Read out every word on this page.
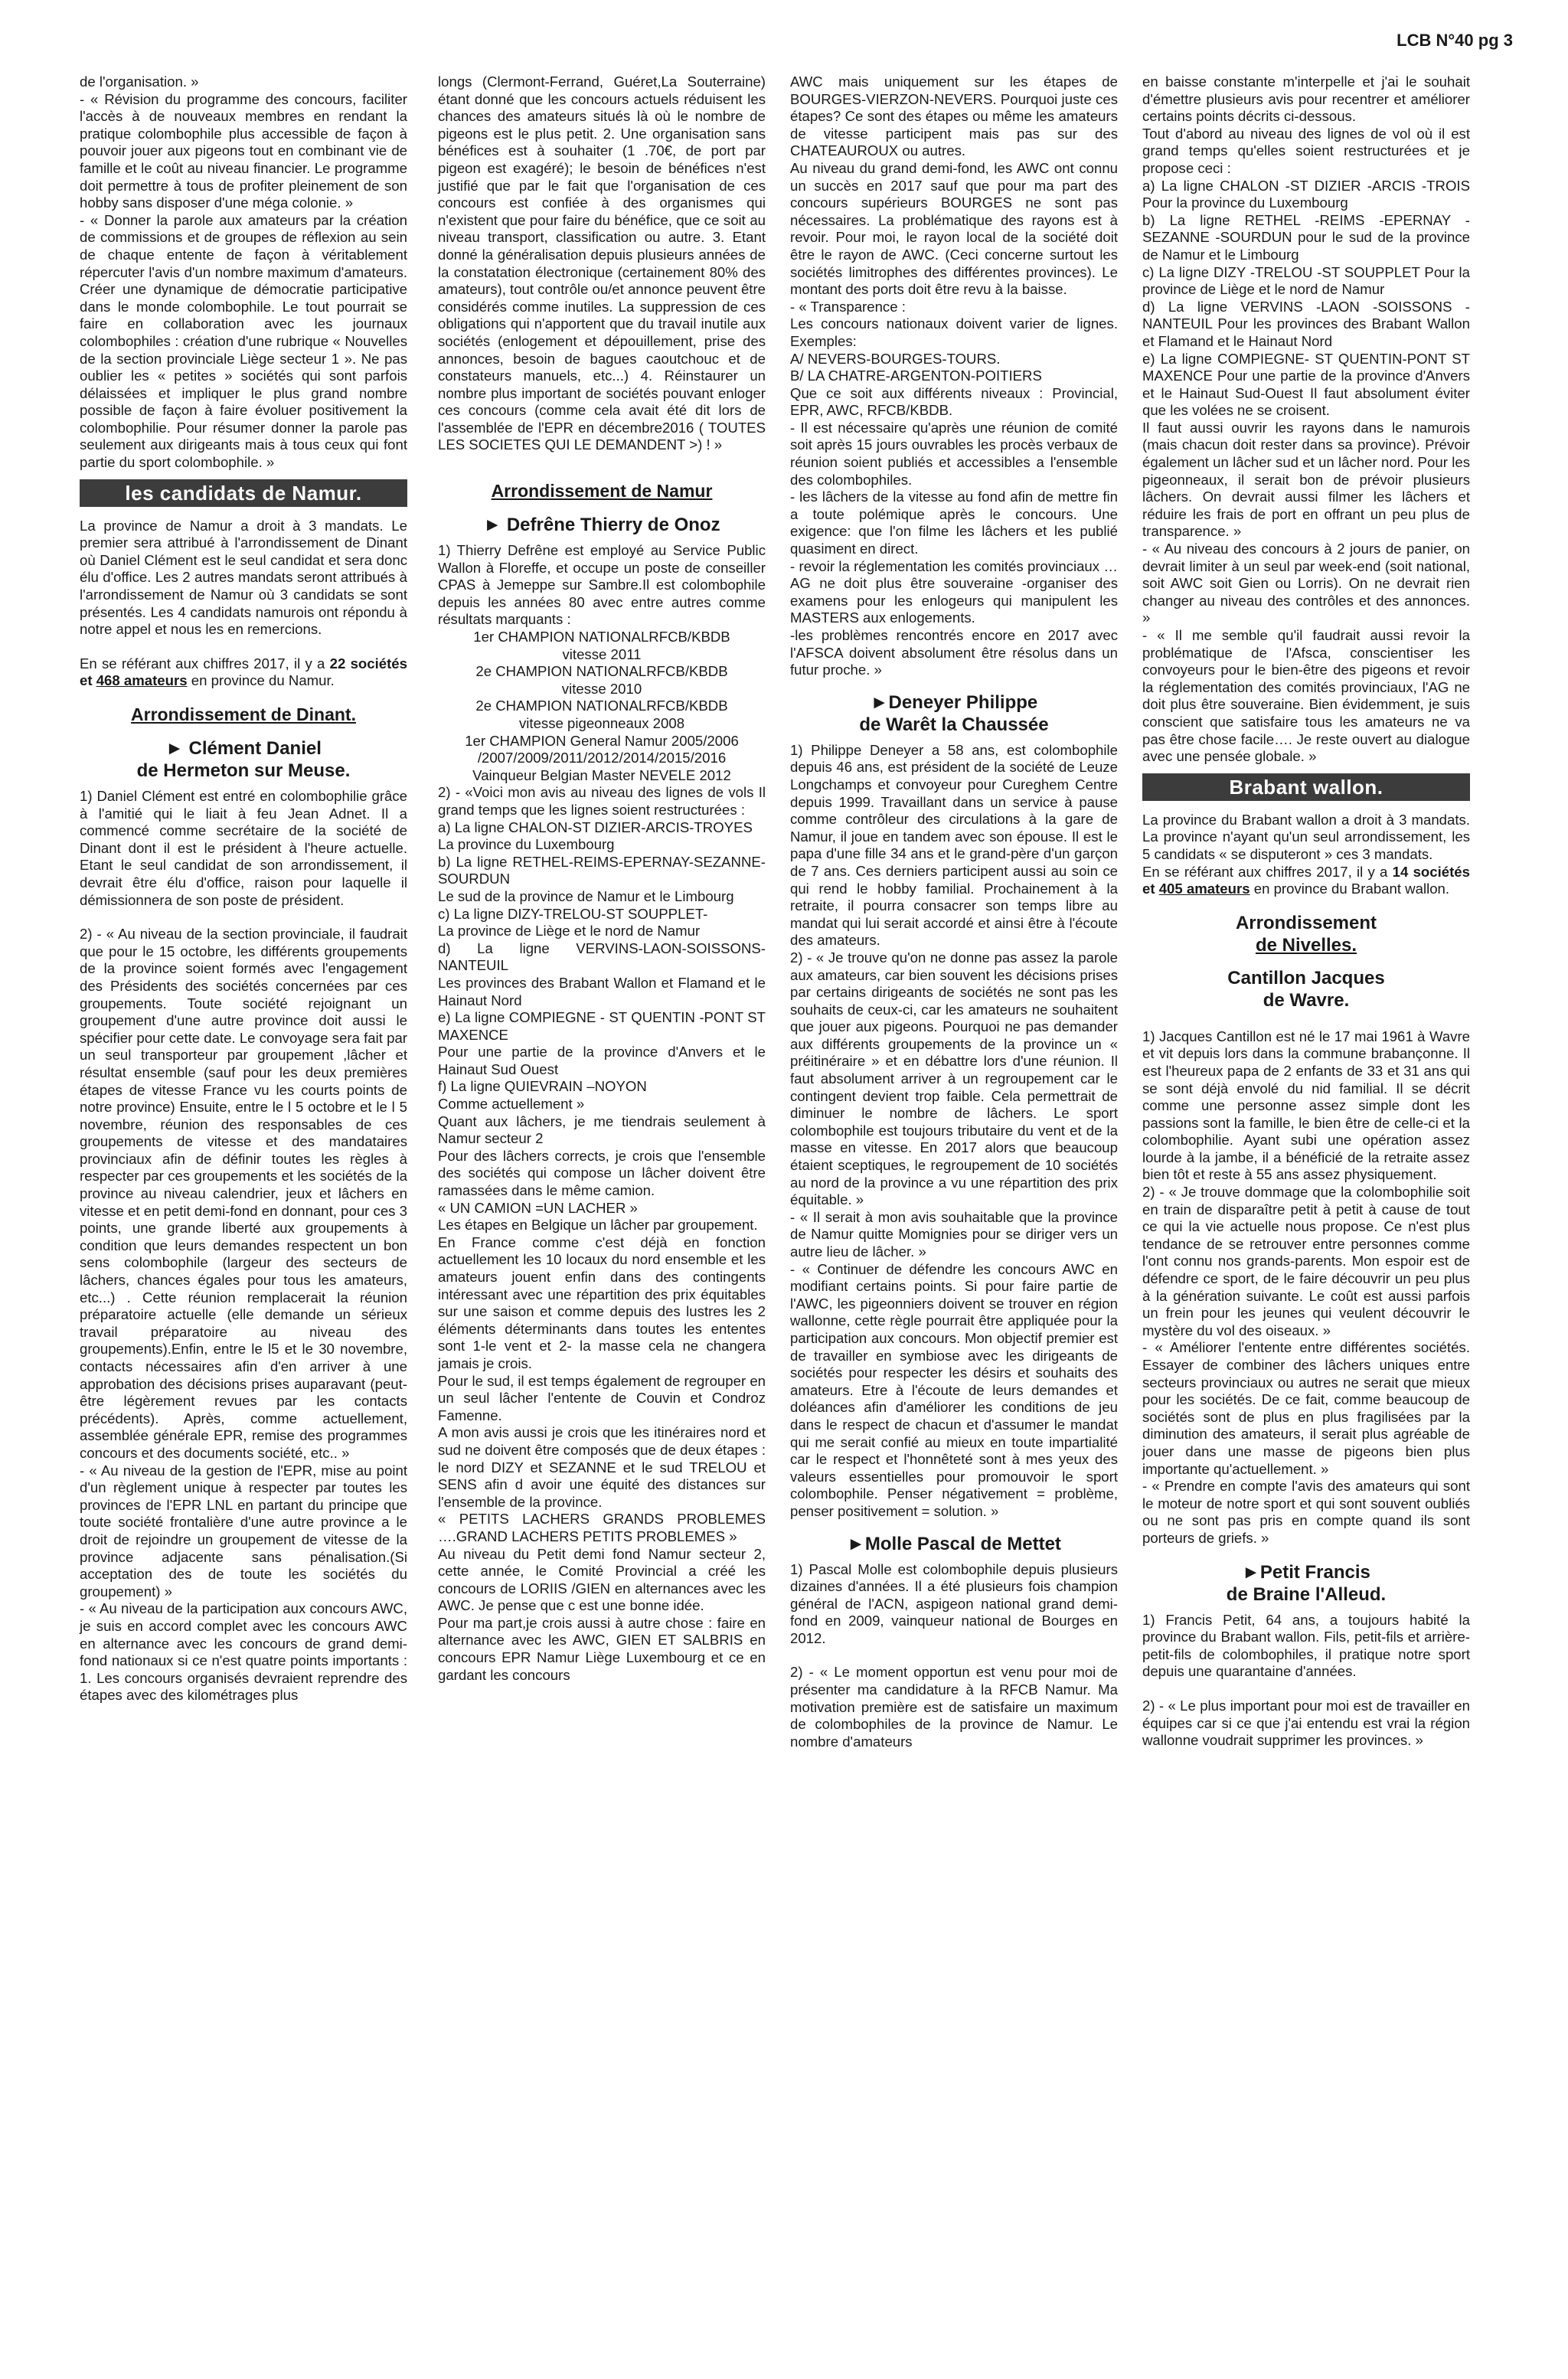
LCB N°40 pg 3

de l'organisation. »

- « Révision du programme des concours, faciliter l'accès à de nouveaux membres en rendant la pratique colombophile plus accessible de façon à pouvoir jouer aux pigeons tout en combinant vie de famille et le coût au niveau financier. Le programme doit permettre à tous de profiter pleinement de son hobby sans disposer d'une méga colonie. »

- « Donner la parole aux amateurs par la création de commissions et de groupes de réflexion au sein de chaque entente de façon à véritablement répercuter l'avis d'un nombre maximum d'amateurs. Créer une dynamique de démocratie participative dans le monde colombophile. Le tout pourrait se faire en collaboration avec les journaux colombophiles : création d'une rubrique « Nouvelles de la section provinciale Liège secteur 1 ». Ne pas oublier les « petites » sociétés qui sont parfois délaissées et impliquer le plus grand nombre possible de façon à faire évoluer positivement la colombophilie. Pour résumer donner la parole pas seulement aux dirigeants mais à tous ceux qui font partie du sport colombophile. »

les candidats de Namur.

La province de Namur a droit à 3 mandats. Le premier sera attribué à l'arrondissement de Dinant où Daniel Clément est le seul candidat et sera donc élu d'office. Les 2 autres mandats seront attribués à l'arrondissement de Namur où 3 candidats se sont présentés. Les 4 candidats namurois ont répondu à notre appel et nous les en remercions.

En se référant aux chiffres 2017, il y a 22 sociétés et 468 amateurs en province du Namur.

Arrondissement de Dinant.
► Clément Daniel
de Hermeton sur Meuse.

1) Daniel Clément est entré en colombophilie grâce à l'amitié qui le liait à feu Jean Adnet. Il a commencé comme secrétaire de la société de Dinant dont il est le président à l'heure actuelle. Etant le seul candidat de son arrondissement, il devrait être élu d'office, raison pour laquelle il démissionnera de son poste de président.

2) - « Au niveau de la section provinciale, il faudrait que pour le 15 octobre, les différents groupements de la province soient formés avec l'engagement des Présidents des sociétés concernées par ces groupements. Toute société rejoignant un groupement d'une autre province doit aussi le spécifier pour cette date. Le convoyage sera fait par un seul transporteur par groupement ,lâcher et résultat ensemble (sauf pour les deux premières étapes de vitesse France vu les courts points de notre province) Ensuite, entre le l 5 octobre et le l 5 novembre, réunion des responsables de ces groupements de vitesse et des mandataires provinciaux afin de définir toutes les règles à respecter par ces groupements et les sociétés de la province au niveau calendrier, jeux et lâchers en vitesse et en petit demi-fond en donnant, pour ces 3 points, une grande liberté aux groupements à condition que leurs demandes respectent un bon sens colombophile (largeur des secteurs de lâchers, chances égales pour tous les amateurs, etc...) . Cette réunion remplacerait la réunion préparatoire actuelle (elle demande un sérieux travail préparatoire au niveau des groupements).Enfin, entre le l5 et le 30 novembre, contacts nécessaires afin d'en arriver à une approbation des décisions prises auparavant (peut-être légèrement revues par les contacts précédents). Après, comme actuellement, assemblée générale EPR, remise des programmes concours et des documents société, etc.. »

- « Au niveau de la gestion de l'EPR, mise au point d'un règlement unique à respecter par toutes les provinces de l'EPR LNL en partant du principe que toute société frontalière d'une autre province a le droit de rejoindre un groupement de vitesse de la province adjacente sans pénalisation.(Si acceptation des de toute les sociétés du groupement) »

- « Au niveau de la participation aux concours AWC, je suis en accord complet avec les concours AWC en alternance avec les concours de grand demi-fond nationaux si ce n'est quatre points importants : 1. Les concours organisés devraient reprendre des étapes avec des kilométrages plus

longs (Clermont-Ferrand, Guéret,La Souterraine) étant donné que les concours actuels réduisent les chances des amateurs situés là où le nombre de pigeons est le plus petit. 2. Une organisation sans bénéfices est à souhaiter (1 .70€, de port par pigeon est exagéré); le besoin de bénéfices n'est justifié que par le fait que l'organisation de ces concours est confiée à des organismes qui n'existent que pour faire du bénéfice, que ce soit au niveau transport, classification ou autre. 3. Etant donné la généralisation depuis plusieurs années de la constatation électronique (certainement 80% des amateurs), tout contrôle ou/et annonce peuvent être considérés comme inutiles. La suppression de ces obligations qui n'apportent que du travail inutile aux sociétés (enlogement et dépouillement, prise des annonces, besoin de bagues caoutchouc et de constateurs manuels, etc...) 4. Réinstaurer un nombre plus important de sociétés pouvant enloger ces concours (comme cela avait été dit lors de l'assemblée de l'EPR en décembre2016 ( TOUTES LES SOCIETES QUI LE DEMANDENT >) ! »

Arrondissement de Namur
► Defrêne Thierry de Onoz

1) Thierry Defrêne est employé au Service Public Wallon à Floreffe, et occupe un poste de conseiller CPAS à Jemeppe sur Sambre.Il est colombophile depuis les années 80 avec entre autres comme résultats marquants :

1er CHAMPION NATIONALRFCB/KBDB
vitesse 2011
2e CHAMPION NATIONALRFCB/KBDB
vitesse 2010
2e CHAMPION NATIONALRFCB/KBDB
vitesse pigeonneaux 2008
1er CHAMPION General Namur 2005/2006
/2007/2009/2011/2012/2014/2015/2016
Vainqueur Belgian Master NEVELE 2012

2) - «Voici mon avis au niveau des lignes de vols Il grand temps que les lignes soient restructurées :

a) La ligne CHALON-ST DIZIER-ARCIS-TROYES

La province du Luxembourg

b) La ligne RETHEL-REIMS-EPERNAY-SEZANNE-SOURDUN

Le sud de la province de Namur et le Limbourg

c) La ligne DIZY-TRELOU-ST SOUPPLET-

La province de Liège et le nord de Namur

d) La ligne VERVINS-LAON-SOISSONS-NANTEUIL

Les provinces des Brabant Wallon et Flamand et le Hainaut Nord

e) La ligne COMPIEGNE - ST QUENTIN -PONT ST MAXENCE

Pour une partie de la province d'Anvers et le Hainaut Sud Ouest

f) La ligne QUIEVRAIN –NOYON

Comme actuellement »

Quant aux lâchers, je me tiendrais seulement à Namur secteur 2

Pour des lâchers corrects, je crois que l'ensemble des sociétés qui compose un lâcher doivent être ramassées dans le même camion.

« UN CAMION =UN LACHER »

Les étapes en Belgique un lâcher par groupement.

En France comme c'est déjà en fonction actuellement les 10 locaux du nord ensemble et les amateurs jouent enfin dans des contingents intéressant avec une répartition des prix équitables sur une saison et comme depuis des lustres les 2 éléments déterminants dans toutes les ententes sont 1-le vent et 2- la masse cela ne changera jamais je crois.

Pour le sud, il est temps également de regrouper en un seul lâcher l'entente de Couvin et Condroz Famenne.

A mon avis aussi je crois que les itinéraires nord et sud ne doivent être composés que de deux étapes : le nord DIZY et SEZANNE et le sud TRELOU et SENS afin d avoir une équité des distances sur l'ensemble de la province.

« PETITS LACHERS GRANDS PROBLEMES ….GRAND LACHERS PETITS PROBLEMES »

Au niveau du Petit demi fond Namur secteur 2, cette année, le Comité Provincial a créé les concours de LORIIS /GIEN en alternances avec les AWC. Je pense que c est une bonne idée.

Pour ma part,je crois aussi à autre chose : faire en alternance avec les AWC, GIEN ET SALBRIS en concours EPR Namur Liège Luxembourg et ce en gardant les concours

AWC mais uniquement sur les étapes de BOURGES-VIERZON-NEVERS. Pourquoi juste ces étapes? Ce sont des étapes ou même les amateurs de vitesse participent mais pas sur des CHATEAUROUX ou autres.

Au niveau du grand demi-fond, les AWC ont connu un succès en 2017 sauf que pour ma part des concours supérieurs BOURGES ne sont pas nécessaires. La problématique des rayons est à revoir. Pour moi, le rayon local de la société doit être le rayon de AWC. (Ceci concerne surtout les sociétés limitrophes des différentes provinces). Le montant des ports doit être revu à la baisse.

- « Transparence :

Les concours nationaux doivent varier de lignes. Exemples:

A/ NEVERS-BOURGES-TOURS.

B/ LA CHATRE-ARGENTON-POITIERS

Que ce soit aux différents niveaux : Provincial, EPR, AWC, RFCB/KBDB.

- Il est nécessaire qu'après une réunion de comité soit après 15 jours ouvrables les procès verbaux de réunion soient publiés et accessibles a l'ensemble des colombophiles.

- les lâchers de la vitesse au fond afin de mettre fin a toute polémique après le concours. Une exigence: que l'on filme les lâchers et les publié quasiment en direct.

- revoir la réglementation les comités provinciaux …AG ne doit plus être souveraine -organiser des examens pour les enlogeurs qui manipulent les MASTERS aux enlogements.

-les problèmes rencontrés encore en 2017 avec l'AFSCA doivent absolument être résolus dans un futur proche. »

►Deneyer Philippe
de Warêt la Chaussée

1) Philippe Deneyer a 58 ans, est colombophile depuis 46 ans, est président de la société de Leuze Longchamps et convoyeur pour Cureghem Centre depuis 1999. Travaillant dans un service à pause comme contrôleur des circulations à la gare de Namur, il joue en tandem avec son épouse. Il est le papa d'une fille 34 ans et le grand-père d'un garçon de 7 ans. Ces derniers participent aussi au soin ce qui rend le hobby familial. Prochainement à la retraite, il pourra consacrer son temps libre au mandat qui lui serait accordé et ainsi être à l'écoute des amateurs.

2) - « Je trouve qu'on ne donne pas assez la parole aux amateurs, car bien souvent les décisions prises par certains dirigeants de sociétés ne sont pas les souhaits de ceux-ci, car les amateurs ne souhaitent que jouer aux pigeons. Pourquoi ne pas demander aux différents groupements de la province un « préitinéraire » et en débattre lors d'une réunion. Il faut absolument arriver à un regroupement car le contingent devient trop faible. Cela permettrait de diminuer le nombre de lâchers. Le sport colombophile est toujours tributaire du vent et de la masse en vitesse. En 2017 alors que beaucoup étaient sceptiques, le regroupement de 10 sociétés au nord de la province a vu une répartition des prix équitable. »

- « Il serait à mon avis souhaitable que la province de Namur quitte Momignies pour se diriger vers un autre lieu de lâcher. »

- « Continuer de défendre les concours AWC en modifiant certains points. Si pour faire partie de l'AWC, les pigeonniers doivent se trouver en région wallonne, cette règle pourrait être appliquée pour la participation aux concours. Mon objectif premier est de travailler en symbiose avec les dirigeants de sociétés pour respecter les désirs et souhaits des amateurs. Etre à l'écoute de leurs demandes et doléances afin d'améliorer les conditions de jeu dans le respect de chacun et d'assumer le mandat qui me serait confié au mieux en toute impartialité car le respect et l'honnêteté sont à mes yeux des valeurs essentielles pour promouvoir le sport colombophile. Penser négativement = problème, penser positivement = solution. »

►Molle Pascal de Mettet

1) Pascal Molle est colombophile depuis plusieurs dizaines d'années. Il a été plusieurs fois champion général de l'ACN, aspigeon national grand demi-fond en 2009, vainqueur national de Bourges en 2012.

2) - « Le moment opportun est venu pour moi de présenter ma candidature à la RFCB Namur. Ma motivation première est de satisfaire un maximum de colombophiles de la province de Namur. Le nombre d'amateurs

en baisse constante m'interpelle et j'ai le souhait d'émettre plusieurs avis pour recentrer et améliorer certains points décrits ci-dessous.

Tout d'abord au niveau des lignes de vol où il est grand temps qu'elles soient restructurées et je propose ceci :

a) La ligne CHALON -ST DIZIER -ARCIS -TROIS Pour la province du Luxembourg

b) La ligne RETHEL -REIMS -EPERNAY -SEZANNE -SOURDUN pour le sud de la province de Namur et le Limbourg

c) La ligne DIZY -TRELOU -ST SOUPPLET Pour la province de Liège et le nord de Namur

d) La ligne VERVINS -LAON -SOISSONS -NANTEUIL Pour les provinces des Brabant Wallon et Flamand et le Hainaut Nord

e) La ligne COMPIEGNE- ST QUENTIN-PONT ST MAXENCE Pour une partie de la province d'Anvers et le Hainaut Sud-Ouest Il faut absolument éviter que les volées ne se croisent.

Il faut aussi ouvrir les rayons dans le namurois (mais chacun doit rester dans sa province). Prévoir également un lâcher sud et un lâcher nord. Pour les pigeonneaux, il serait bon de prévoir plusieurs lâchers. On devrait aussi filmer les lâchers et réduire les frais de port en offrant un peu plus de transparence. »

- « Au niveau des concours à 2 jours de panier, on devrait limiter à un seul par week-end (soit national, soit AWC soit Gien ou Lorris). On ne devrait rien changer au niveau des contrôles et des annonces. »

- « Il me semble qu'il faudrait aussi revoir la problématique de l'Afsca, conscientiser les convoyeurs pour le bien-être des pigeons et revoir la réglementation des comités provinciaux, l'AG ne doit plus être souveraine. Bien évidemment, je suis conscient que satisfaire tous les amateurs ne va pas être chose facile…. Je reste ouvert au dialogue avec une pensée globale. »

Brabant wallon.

La province du Brabant wallon a droit à 3 mandats. La province n'ayant qu'un seul arrondissement, les 5 candidats « se disputeront » ces 3 mandats.

En se référant aux chiffres 2017, il y a 14 sociétés et 405 amateurs en province du Brabant wallon.

Arrondissement
de Nivelles.
Cantillon Jacques
de Wavre.

1) Jacques Cantillon est né le 17 mai 1961 à Wavre et vit depuis lors dans la commune brabançonne. Il est l'heureux papa de 2 enfants de 33 et 31 ans qui se sont déjà envolé du nid familial. Il se décrit comme une personne assez simple dont les passions sont la famille, le bien être de celle-ci et la colombophilie. Ayant subi une opération assez lourde à la jambe, il a bénéficié de la retraite assez bien tôt et reste à 55 ans assez physiquement.

2) - « Je trouve dommage que la colombophilie soit en train de disparaître petit à petit à cause de tout ce qui la vie actuelle nous propose. Ce n'est plus tendance de se retrouver entre personnes comme l'ont connu nos grands-parents. Mon espoir est de défendre ce sport, de le faire découvrir un peu plus à la génération suivante. Le coût est aussi parfois un frein pour les jeunes qui veulent découvrir le mystère du vol des oiseaux. »

- « Améliorer l'entente entre différentes sociétés. Essayer de combiner des lâchers uniques entre secteurs provinciaux ou autres ne serait que mieux pour les sociétés. De ce fait, comme beaucoup de sociétés sont de plus en plus fragilisées par la diminution des amateurs, il serait plus agréable de jouer dans une masse de pigeons bien plus importante qu'actuellement. »

- « Prendre en compte l'avis des amateurs qui sont le moteur de notre sport et qui sont souvent oubliés ou ne sont pas pris en compte quand ils sont porteurs de griefs. »

►Petit Francis
de Braine l'Alleud.

1) Francis Petit, 64 ans, a toujours habité la province du Brabant wallon. Fils, petit-fils et arrière-petit-fils de colombophiles, il pratique notre sport depuis une quarantaine d'années.

2) - « Le plus important pour moi est de travailler en équipes car si ce que j'ai entendu est vrai la région wallonne voudrait supprimer les provinces. »
